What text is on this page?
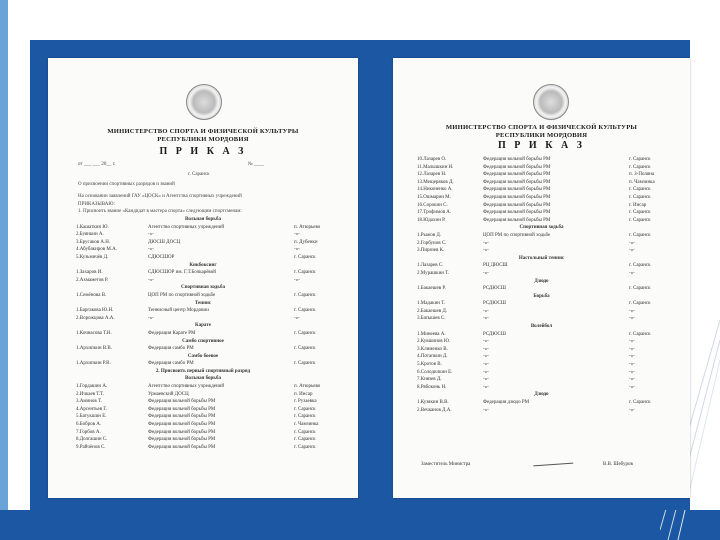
МИНИСТЕРСТВО СПОРТА И ФИЗИЧЕСКОЙ КУЛЬТУРЫ
РЕСПУБЛИКИ МОРДОВИЯ
П Р И К А З
от ___ ___ 20__ г.	№ ____
г. Саранск
О присвоении спортивных разрядов и званий
На основании заявлений ГАУ «ЦОСК» и Агентства спортивных учреждений
ПРИКАЗЫВАЮ:
1. Присвоить звание «Кандидат в мастера спорта» следующим спортсменам:
Вольная борьба
1.Кашаткин Ю.	Агентство спортивных учреждений	п. Атюрьево
2.Буянкин А.	-«-	-«-
3.Брусаков А.Н.	ДЮСШ ДОСЦ	п. Дубенки
4.Абубакиров М.А.	-«-	-«-
5.Кузьмичёв Д.	СДЮСШОР	г. Саранск
Кикбоксинг
1.Захаров И.	СДЮСШОР им. Г.Т.Бочкарёвой	г. Саранск
2.Ахмаметов Р.	-«-	-«-
Спортивная ходьба
1.Семёнова В.	ЦОП РМ по спортивной ходьбе	г. Саранск
Теннис
1.Баргакова Ю.Н.	Теннисный центр Мордовии	г. Саранск
2.Ворожцова А.А.	-«-	-«-
Карате
1.Кочнасова Т.Н.	Федерация Карате РМ	г. Саранск
Самбо спортивное
1.Архипкин В.В.	Федерация самбо РМ	г. Саранск
Самбо боевое
1.Архипкин Р.В.	Федерация самбо РМ	г. Саранск
2. Присвоить первый спортивный разряд
Вольная борьба
1.Гордашин А.	Агентство спортивных учреждений	п. Атюрьево
2.Ичкаев Т.Т.	Урмаевский ДОСЦ	п. Инсар
3.Аминов Т.	Федерация вольной борьбы РМ	г. Рузаевка
4.Арсентьев Г.	Федерация вольной борьбы РМ	г. Саранск
5.Батукшин Е.	Федерация вольной борьбы РМ	г. Саранск
6.Бобров А.	Федерация вольной борьбы РМ	г. Чамзинка
7.Горбов А.	Федерация вольной борьбы РМ	г. Саранск
8.Долгашин С.	Федерация вольной борьбы РМ	г. Саранск
9.Райчёнов С.	Федерация вольной борьбы РМ	г. Саранск
МИНИСТЕРСТВО СПОРТА И ФИЗИЧЕСКОЙ КУЛЬТУРЫ
РЕСПУБЛИКИ МОРДОВИЯ
П Р И К А З
10.Лазарев О.	Федерация вольной борьбы РМ	г. Саранск
11.Малышкин Н.	Федерация вольной борьбы РМ	г. Саранск
12.Лазарев Н.	Федерация вольной борьбы РМ	п. З-Поляна
13.Мещеряков Д.	Федерация вольной борьбы РМ	п. Чамзинка
14.Никоненко А.	Федерация вольной борьбы РМ	г. Саранск
15.Ошмарин М.	Федерация вольной борьбы РМ	г. Саранск
16.Сорокин С.	Федерация вольной борьбы РМ	г. Инсар
17.Трофимов А.	Федерация вольной борьбы РМ	г. Саранск
18.Юдахин Р.	Федерация вольной борьбы РМ	г. Саранск
Спортивная ходьба
1.Рыжов Д.	ЦОП РМ по спортивной ходьбе	г. Саранск
2.Горбунов С.	-«-	-«-
3.Пирязев К.	-«-	-«-
Настольный теннис
1.Лазарев С.	РЦ ДЮСШ	г. Саранск
2.Мурашкин Т.	-«-	-«-
Дзюдо
1.Бакаешев Р.	РСДЮСШ	г. Саранск
Борьба
1.Мадакин Т.	РСДЮСШ	г. Саранск
2.Бакаешев Д.	-«-	-«-
3.Батышев С.	-«-	-«-
Волейбол
1.Минеева А.	РСДЮСШ	г. Саранск
2.Кувшинов Ю.	-«-	-«-
3.Клименко В.	-«-	-«-
4.Потапкин Д.	-«-	-«-
5.Кротов В.	-«-	-«-
6.Солодилкин Е.	-«-	-«-
7.Князев Д.	-«-	-«-
8.Рябоконь Н.	-«-	-«-
Дзюдо
1.Кузякин В.В.	Федерация дзюдо РМ	г. Саранск
2.Вечканов Д.А.	-«-	-«-
Заместитель Министра	В.В. Шебуров
